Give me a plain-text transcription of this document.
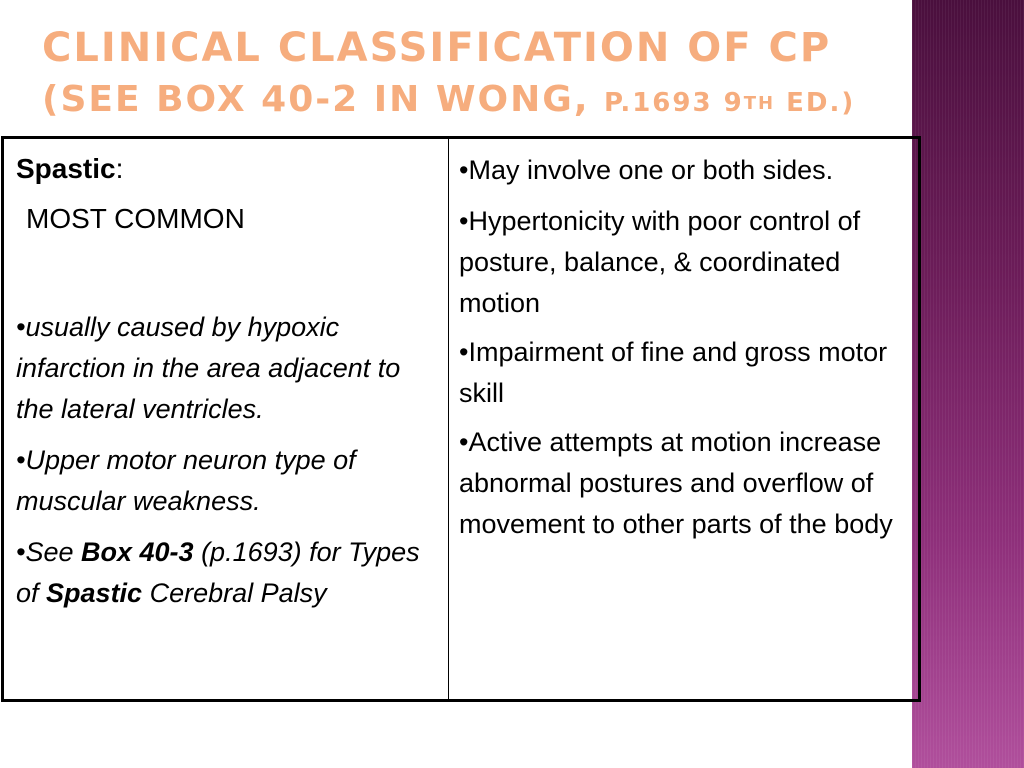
CLINICAL CLASSIFICATION OF CP
(SEE BOX 40-2 IN WONG, P.1693 9TH ED.)
Spastic:
MOST COMMON
•usually caused by hypoxic infarction in the area adjacent to the lateral ventricles.
•Upper motor neuron type of muscular weakness.
•See Box 40-3 (p.1693) for Types of Spastic Cerebral Palsy

•May involve one or both sides.
•Hypertonicity with poor control of posture, balance, & coordinated motion
•Impairment of fine and gross motor skill
•Active attempts at motion increase abnormal postures and overflow of movement to other parts of the body
